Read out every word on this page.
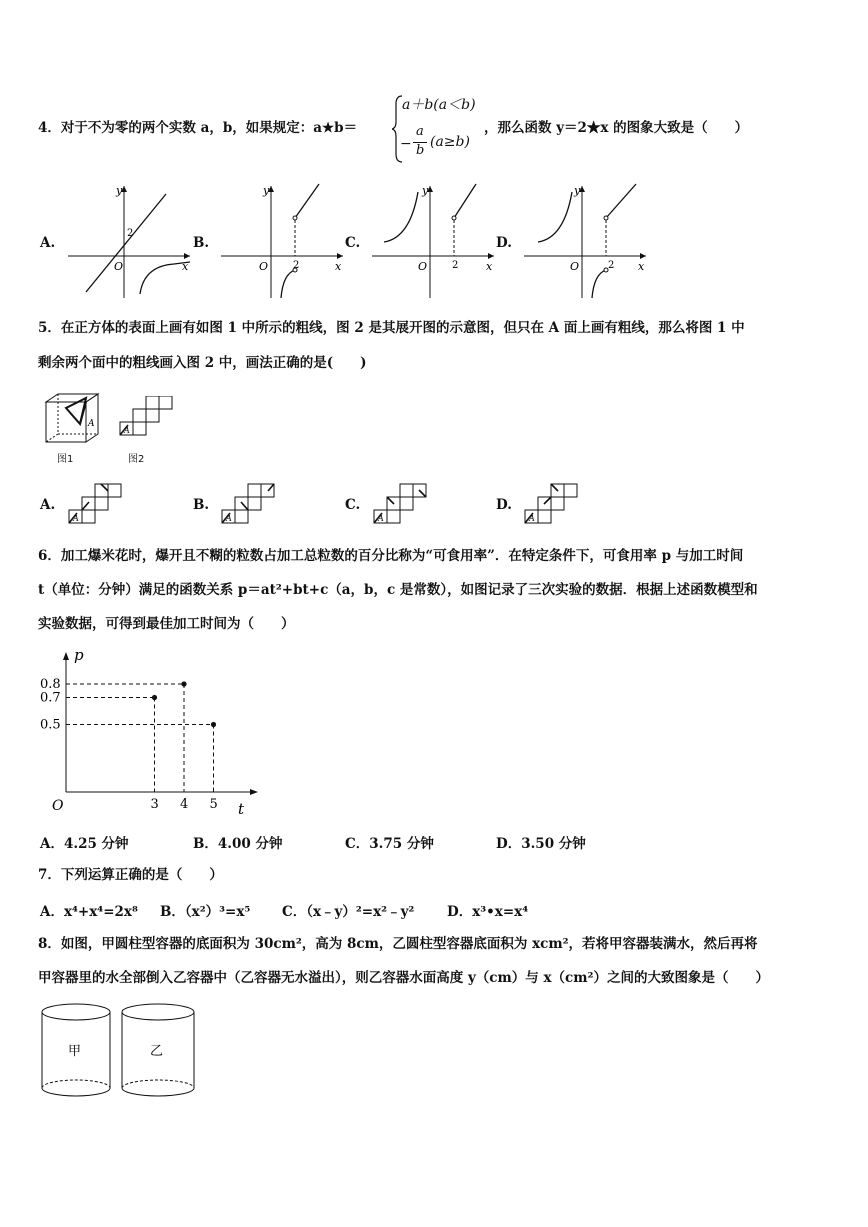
4．对于不为零的两个实数 a，b，如果规定：a★b＝
a＋b(a＜b)
−
a
b
(a≥b)
，那么函数 y＝2★x 的图象大致是（　　）
A.	B.	C.	D.
y
x
O
2
y
x
O 2
y
x
O 2
y
x
O	2
5．在正方体的表面上画有如图 1 中所示的粗线，图 2 是其展开图的示意图，但只在 A 面上画有粗线，那么将图 1 中
剩余两个面中的粗线画入图 2 中，画法正确的是(　　)
A
图1
A
图2
A.	B.	C.	D.
A	A	A	A
6．加工爆米花时，爆开且不糊的粒数占加工总粒数的百分比称为“可食用率”．在特定条件下，可食用率 p 与加工时间
t（单位：分钟）满足的函数关系 p＝at²+bt+c（a，b，c 是常数），如图记录了三次实验的数据．根据上述函数模型和
实验数据，可得到最佳加工时间为（　　）
p
t
O	3 4 5
0.8
0.7
0.5
A．4.25 分钟	B．4.00 分钟	C．3.75 分钟	D．3.50 分钟
7．下列运算正确的是（　　）
A．x⁴+x⁴=2x⁸ B．（x²）³=x⁵ C．（x﹣y）²=x²﹣y² D．x³•x=x⁴
8．如图，甲圆柱型容器的底面积为 30cm²，高为 8cm，乙圆柱型容器底面积为 xcm²，若将甲容器装满水，然后再将
甲容器里的水全部倒入乙容器中（乙容器无水溢出），则乙容器水面高度 y（cm）与 x（cm²）之间的大致图象是（　　）
甲	乙
